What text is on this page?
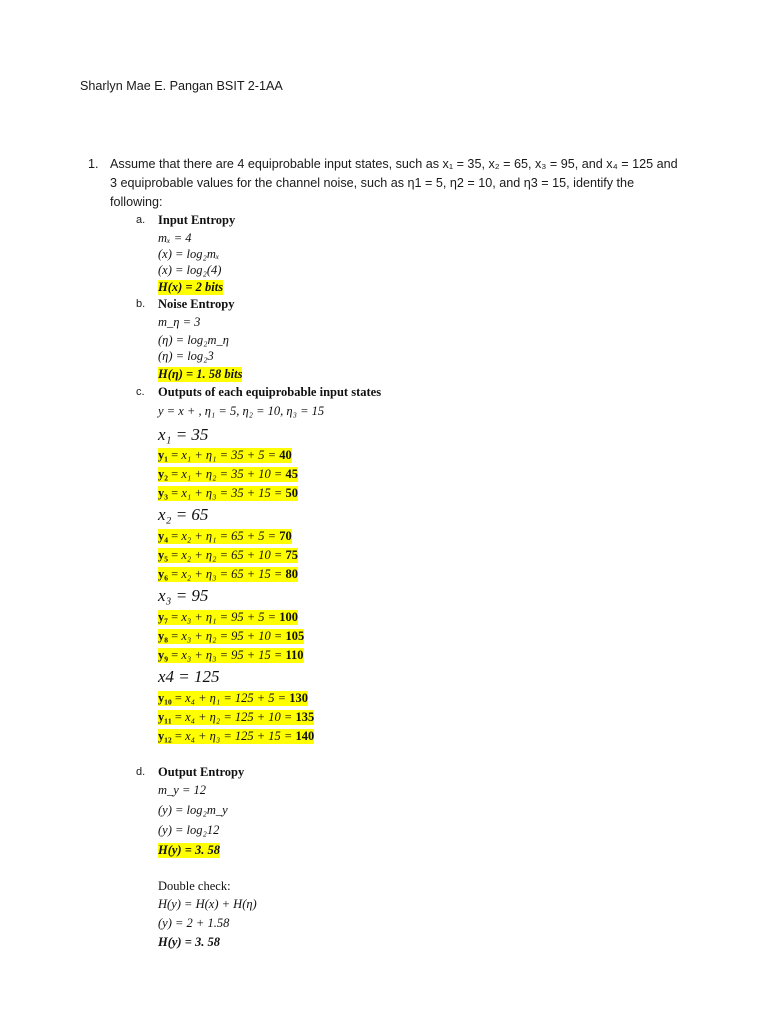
Sharlyn Mae E. Pangan BSIT 2-1AA
1. Assume that there are 4 equiprobable input states, such as x₁ = 35, x₂ = 65, x₃ = 95, and x₄ = 125 and
3 equiprobable values for the channel noise, such as η1 = 5, η2 = 10, and η3 = 15, identify the
following:
a. Input Entropy
mₓ = 4
(x) = log₂mₓ
(x) = log₂(4)
H(x) = 2 bits
b. Noise Entropy
m_η = 3
(η) = log₂m_η
(η) = log₂3
H(η) = 1. 58 bits
c. Outputs of each equiprobable input states
y = x + , η₁ = 5, η₂ = 10, η₃ = 15
x₁ = 35
y₁ = x₁ + η₁ = 35 + 5 = 40
y₂ = x₁ + η₂ = 35 + 10 = 45
y₃ = x₁ + η₃ = 35 + 15 = 50
x₂ = 65
y₄ = x₂ + η₁ = 65 + 5 = 70
y₅ = x₂ + η₂ = 65 + 10 = 75
y₆ = x₂ + η₃ = 65 + 15 = 80
x₃ = 95
y₇ = x₃ + η₁ = 95 + 5 = 100
y₈ = x₃ + η₂ = 95 + 10 = 105
y₉ = x₃ + η₃ = 95 + 15 = 110
x4 = 125
y₁₀ = x₄ + η₁ = 125 + 5 = 130
y₁₁ = x₄ + η₂ = 125 + 10 = 135
y₁₂ = x₄ + η₃ = 125 + 15 = 140
d. Output Entropy
m_y = 12
(y) = log₂m_y
(y) = log₂12
H(y) = 3. 58
Double check:
H(y) = H(x) + H(η)
(y) = 2 + 1.58
H(y) = 3. 58
